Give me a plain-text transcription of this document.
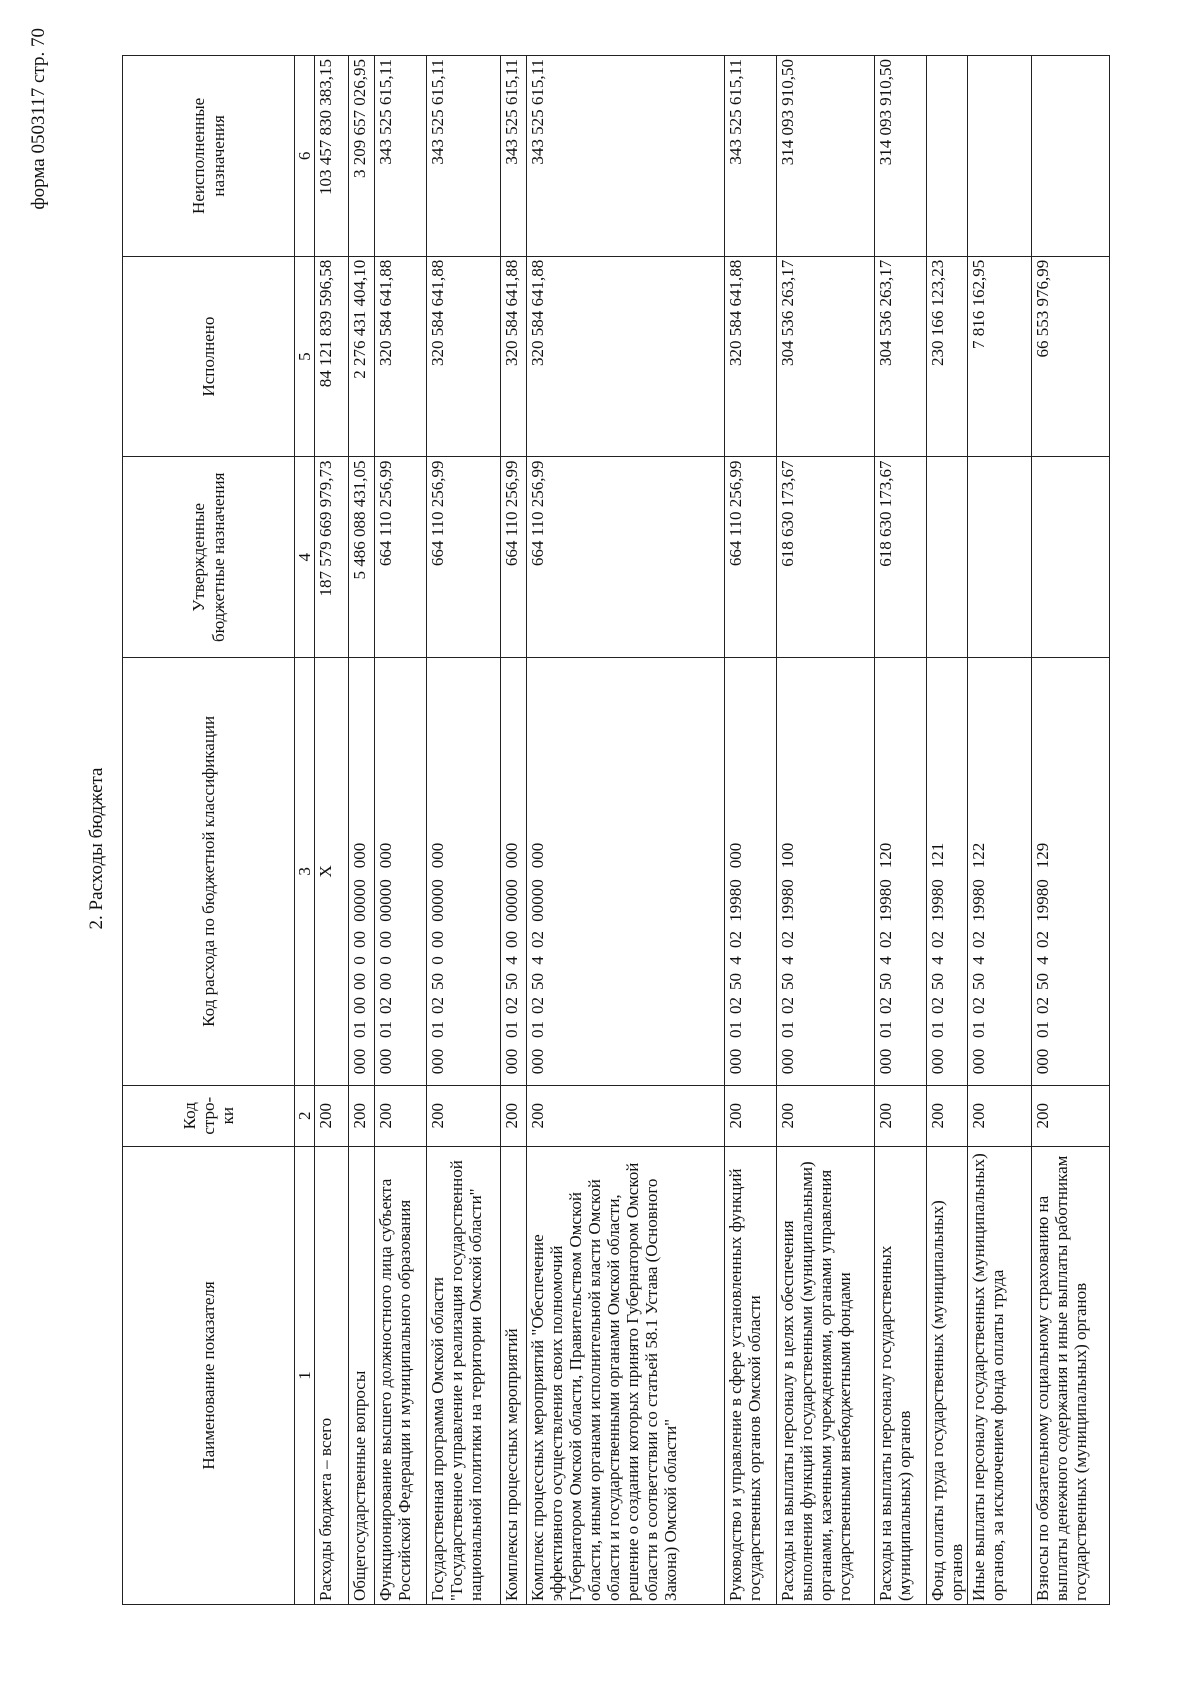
форма 0503117 стр. 70
2. Расходы бюджета
Наименование показателя	Код стро-ки	Код расхода по бюджетной классификации	Утвержденные бюджетные назначения	Исполнено	Неисполненные назначения
1	2	3	4	5	6
Расходы бюджета – всего	200	X	187 579 669 979,73	84 121 839 596,58	103 457 830 383,15
Общегосударственные вопросы	200	00001000000000000000	5 486 088 431,05	2 276 431 404,10	3 209 657 026,95
Функционирование высшего должностного лица субъекта Российской Федерации и муниципального образования	200	00001020000000000000	664 110 256,99	320 584 641,88	343 525 615,11
Государственная программа Омской области "Государственное управление и реализация государственной национальной политики на территории Омской области"	200	00001025000000000000	664 110 256,99	320 584 641,88	343 525 615,11
Комплексы процессных мероприятий	200	00001025040000000000	664 110 256,99	320 584 641,88	343 525 615,11
Комплекс процессных мероприятий "Обеспечение эффективного осуществления своих полномочий Губернатором Омской области, Правительством Омской области, иными органами исполнительной власти Омской области и государственными органами Омской области, решение о создании которых принято Губернатором Омской области в соответствии со статьей 58.1 Устава (Основного Закона) Омской области"	200	00001025040200000000	664 110 256,99	320 584 641,88	343 525 615,11
Руководство и управление в сфере установленных функций государственных органов Омской области	200	00001025040219980000	664 110 256,99	320 584 641,88	343 525 615,11
Расходы на выплаты персоналу в целях обеспечения выполнения функций государственными (муниципальными) органами, казенными учреждениями, органами управления государственными внебюджетными фондами	200	00001025040219980100	618 630 173,67	304 536 263,17	314 093 910,50
Расходы на выплаты персоналу государственных (муниципальных) органов	200	00001025040219980120	618 630 173,67	304 536 263,17	314 093 910,50
Фонд оплаты труда государственных (муниципальных) органов	200	00001025040219980121		230 166 123,23	
Иные выплаты персоналу государственных (муниципальных) органов, за исключением фонда оплаты труда	200	00001025040219980122		7 816 162,95	
Взносы по обязательному социальному страхованию на выплаты денежного содержания и иные выплаты работникам государственных (муниципальных) органов	200	00001025040219980129		66 553 976,99	
